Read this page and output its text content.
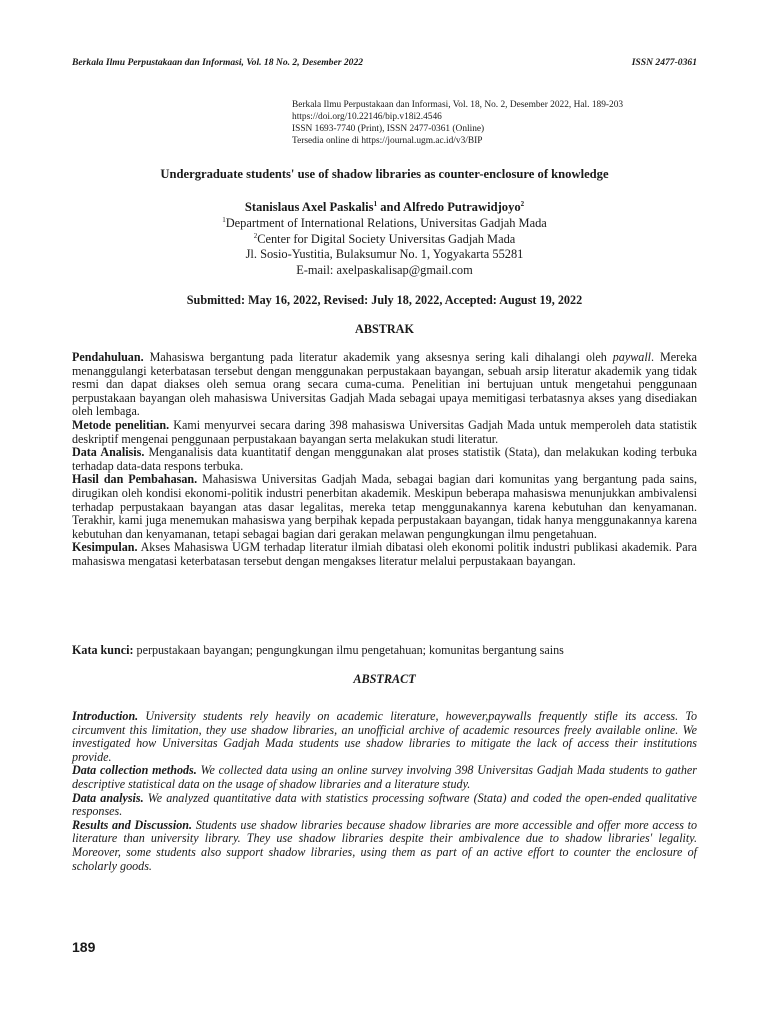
Berkala Ilmu Perpustakaan dan Informasi, Vol. 18 No. 2, Desember 2022	ISSN 2477-0361
Berkala Ilmu Perpustakaan dan Informasi, Vol. 18, No. 2, Desember 2022, Hal. 189-203
https://doi.org/10.22146/bip.v18i2.4546
ISSN 1693-7740 (Print), ISSN 2477-0361 (Online)
Tersedia online di https://journal.ugm.ac.id/v3/BIP
Undergraduate students' use of shadow libraries as counter-enclosure of knowledge
Stanislaus Axel Paskalis$^1$ and Alfredo Putrawidjoyo$^2$
$^1$Department of International Relations, Universitas Gadjah Mada
$^2$Center for Digital Society Universitas Gadjah Mada
Jl. Sosio-Yustitia, Bulaksumur No. 1, Yogyakarta 55281
E-mail: axelpaskalisap@gmail.com
Submitted: May 16, 2022, Revised: July 18, 2022, Accepted: August 19, 2022
ABSTRAK

Pendahuluan. Mahasiswa bergantung pada literatur akademik yang aksesnya sering kali dihalangi oleh paywall. Mereka menanggulangi keterbatasan tersebut dengan menggunakan perpustakaan bayangan, sebuah arsip literatur akademik yang tidak resmi dan dapat diakses oleh semua orang secara cuma-cuma. Penelitian ini bertujuan untuk mengetahui penggunaan perpustakaan bayangan oleh mahasiswa Universitas Gadjah Mada sebagai upaya memitigasi terbatasnya akses yang disediakan oleh lembaga.

Metode penelitian. Kami menyurvei secara daring 398 mahasiswa Universitas Gadjah Mada untuk memperoleh data statistik deskriptif mengenai penggunaan perpustakaan bayangan serta melakukan studi literatur.

Data Analisis. Menganalisis data kuantitatif dengan menggunakan alat proses statistik (Stata), dan melakukan koding terbuka terhadap data-data respons terbuka.

Hasil dan Pembahasan. Mahasiswa Universitas Gadjah Mada, sebagai bagian dari komunitas yang bergantung pada sains, dirugikan oleh kondisi ekonomi-politik industri penerbitan akademik. Meskipun beberapa mahasiswa menunjukkan ambivalensi terhadap perpustakaan bayangan atas dasar legalitas, mereka tetap menggunakannya karena kebutuhan dan kenyamanan. Terakhir, kami juga menemukan mahasiswa yang berpihak kepada perpustakaan bayangan, tidak hanya menggunakannya karena kebutuhan dan kenyamanan, tetapi sebagai bagian dari gerakan melawan pengungkungan ilmu pengetahuan.

Kesimpulan. Akses Mahasiswa UGM terhadap literatur ilmiah dibatasi oleh ekonomi politik industri publikasi akademik. Para mahasiswa mengatasi keterbatasan tersebut dengan mengakses literatur melalui perpustakaan bayangan.

Kata kunci: perpustakaan bayangan; pengungkungan ilmu pengetahuan; komunitas bergantung sains
ABSTRACT

Introduction. University students rely heavily on academic literature, however,paywalls frequently stifle its access. To circumvent this limitation, they use shadow libraries, an unofficial archive of academic resources freely available online. We investigated how Universitas Gadjah Mada students use shadow libraries to mitigate the lack of access their institutions provide.

Data collection methods. We collected data using an online survey involving 398 Universitas Gadjah Mada students to gather descriptive statistical data on the usage of shadow libraries and a literature study.

Data analysis. We analyzed quantitative data with statistics processing software (Stata) and coded the open-ended qualitative responses.

Results and Discussion. Students use shadow libraries because shadow libraries are more accessible and offer more access to literature than university library. They use shadow libraries despite their ambivalence due to shadow libraries' legality. Moreover, some students also support shadow libraries, using them as part of an active effort to counter the enclosure of scholarly goods.

189
